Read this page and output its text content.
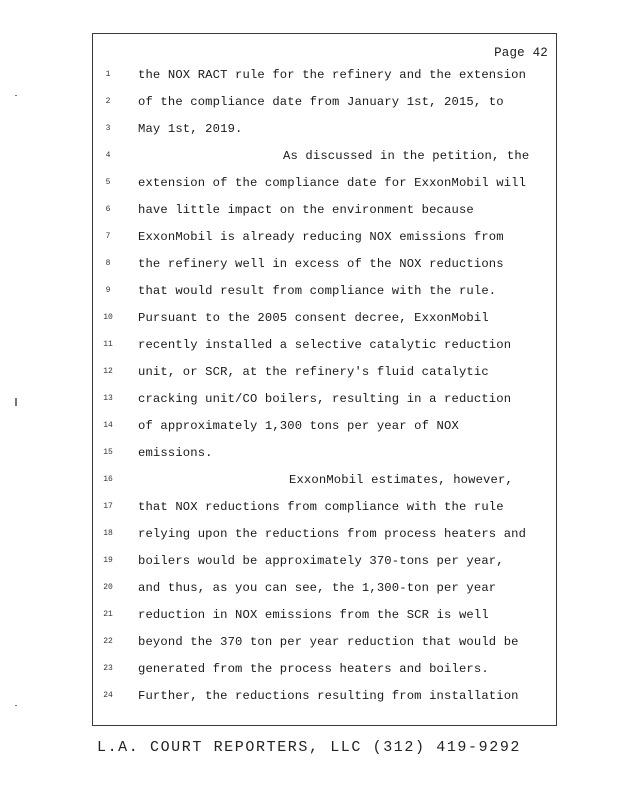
Page 42
1	the NOX RACT rule for the refinery and the extension
2	of the compliance date from January 1st, 2015, to
3	May 1st, 2019.
4	As discussed in the petition, the
5	extension of the compliance date for ExxonMobil will
6	have little impact on the environment because
7	ExxonMobil is already reducing NOX emissions from
8	the refinery well in excess of the NOX reductions
9	that would result from compliance with the rule.
10	Pursuant to the 2005 consent decree, ExxonMobil
11	recently installed a selective catalytic reduction
12	unit, or SCR, at the refinery's fluid catalytic
13	cracking unit/CO boilers, resulting in a reduction
14	of approximately 1,300 tons per year of NOX
15	emissions.
16	ExxonMobil estimates, however,
17	that NOX reductions from compliance with the rule
18	relying upon the reductions from process heaters and
19	boilers would be approximately 370-tons per year,
20	and thus, as you can see, the 1,300-ton per year
21	reduction in NOX emissions from the SCR is well
22	beyond the 370 ton per year reduction that would be
23	generated from the process heaters and boilers.
24	Further, the reductions resulting from installation
L.A. COURT REPORTERS, LLC (312) 419-9292
